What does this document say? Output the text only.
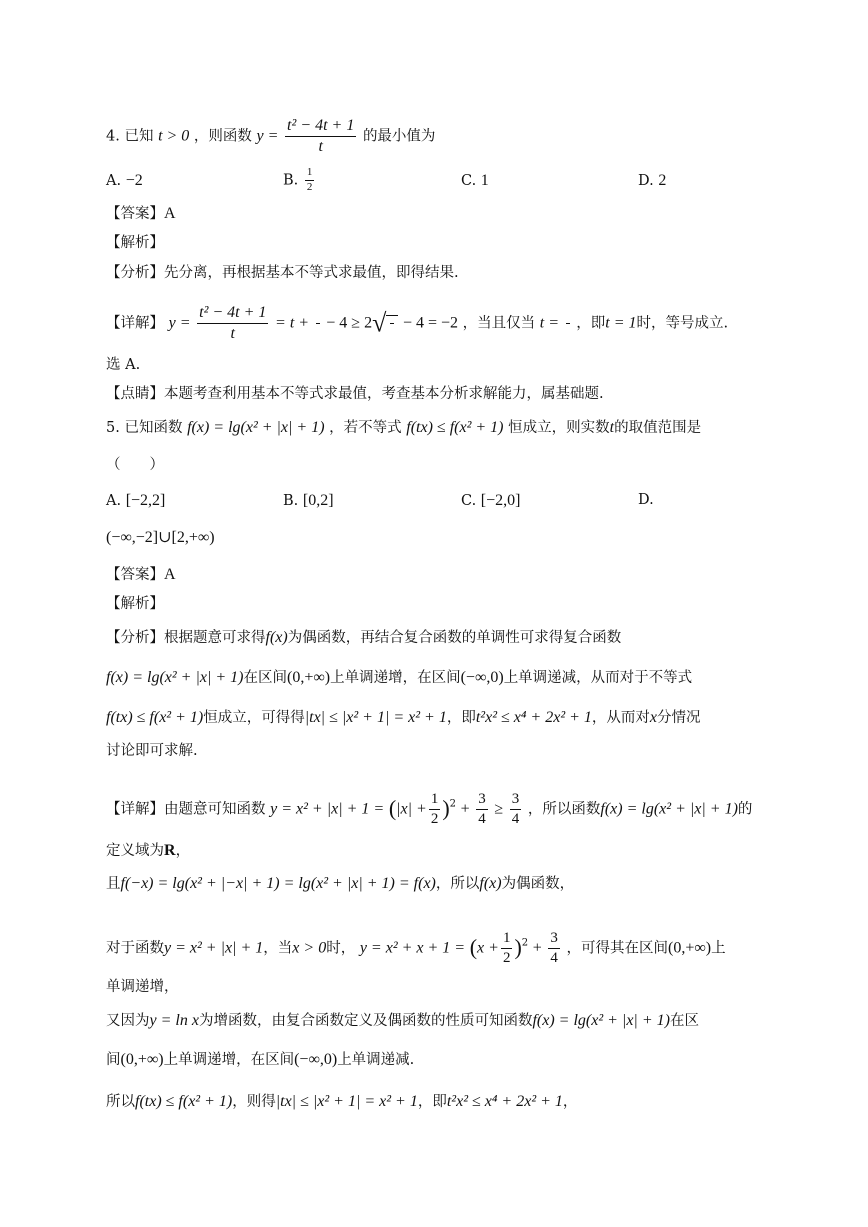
4. 已知 t > 0 ，则函数 $y = \frac{\text{t² − 4t + 1}}{t}$ 的最小值为
A. −2	B. $\frac{1}{2}$	C. 1	D. 2
【答案】A
【解析】
【分析】先分离，再根据基本不等式求最值，即得结果.
【详解】 $y = \frac{\text{t² − 4t + 1}}{t} = t$ + − 4 ≥ 2√ − 4 = −2 ，当且仅当 t = ，即t = 1时，等号成立.
选 A.
【点睛】本题考查利用基本不等式求最值，考查基本分析求解能力，属基础题.
5. 已知函数 f(x) = lg(x² + |x| + 1) ，若不等式 f(tx) ≤ f(x² + 1) 恒成立，则实数t的取值范围是
（　　）
A. [−2,2]	B. [0,2]	C. [−2,0]	D.
(−∞,−2]∪[2,+∞)
【答案】A
【解析】
【分析】根据题意可求得f(x)为偶函数，再结合复合函数的单调性可求得复合函数
f(x) = lg(x² + |x| + 1)在区间(0,+∞)上单调递增，在区间(−∞,0)上单调递减，从而对于不等式
f(tx) ≤ f(x² + 1)恒成立，可得得|tx| ≤ |x² + 1| = x² + 1，即t²x² ≤ x⁴ + 2x² + 1，从而对x分情况
讨论即可求解.
【详解】由题意可知函数 $y = x^2 + |x| + 1 = (|x| + \frac{1}{2} )^2 + \frac{3}{4} \ge \frac{3}{4}$ ，所以函数f(x) = lg(x² + |x| + 1)的
定义域为R，
且f(−x) = lg(x² + |−x| + 1) = lg(x² + |x| + 1) = f(x)，所以f(x)为偶函数，
对于函数y = x² + |x| + 1，当x > 0时， $y = x^2 + x + 1 = (x + \frac{1}{2} )^2 + \frac{3}{4}$ ，可得其在区间(0,+∞)上
单调递增，
又因为y = ln x为增函数，由复合函数定义及偶函数的性质可知函数f(x) = lg(x² + |x| + 1)在区
间(0,+∞)上单调递增，在区间(−∞,0)上单调递减.
所以f(tx) ≤ f(x² + 1)，则得|tx| ≤ |x² + 1| = x² + 1，即t²x² ≤ x⁴ + 2x² + 1，
